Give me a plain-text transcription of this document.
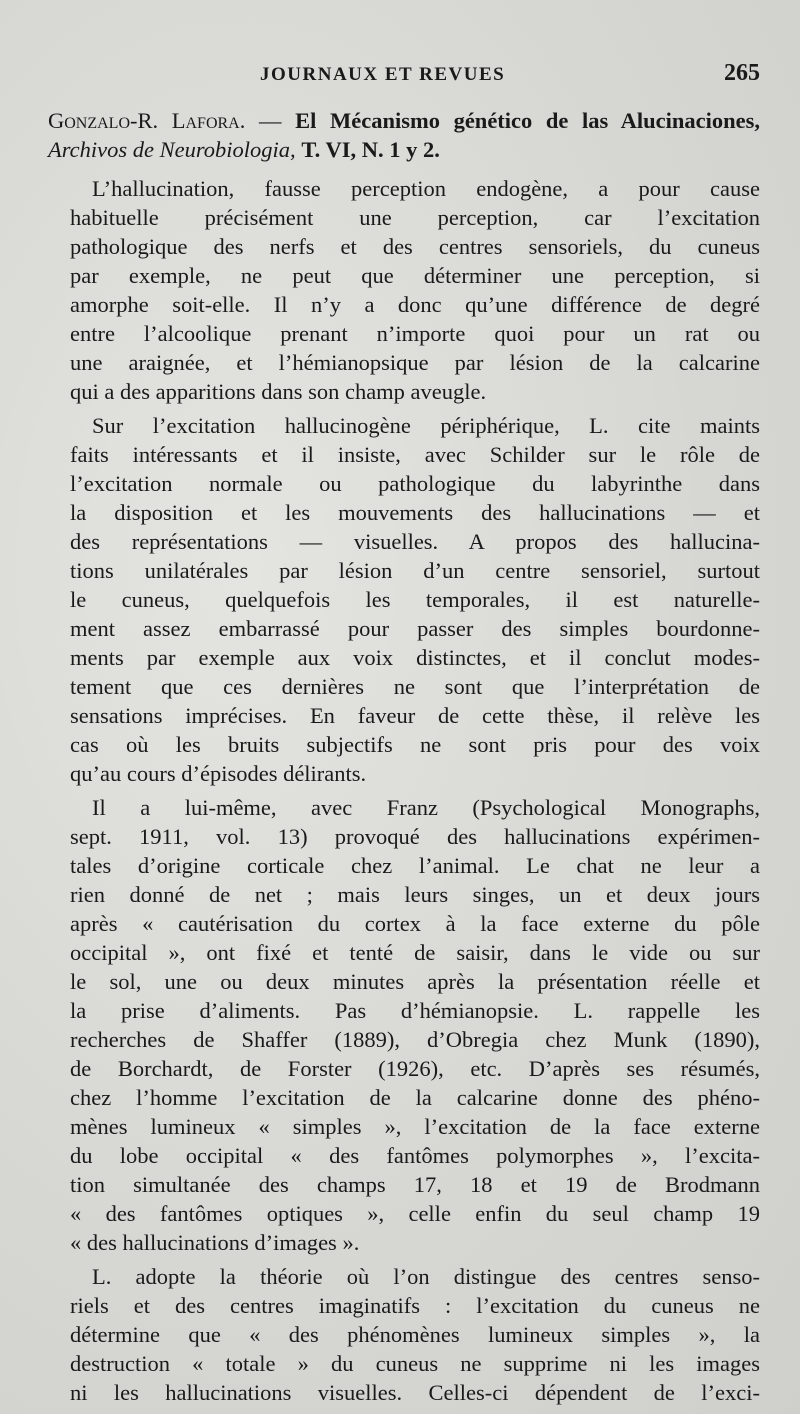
JOURNAUX ET REVUES	265
Gonzalo-R. Lafora. — El Mécanismo génético de las Alucinaciones, Archivos de Neurobiologia, T. VI, N. 1 y 2.
L’hallucination, fausse perception endogène, a pour cause
habituelle précisément une perception, car l’excitation
pathologique des nerfs et des centres sensoriels, du cuneus
par exemple, ne peut que déterminer une perception, si
amorphe soit-elle. Il n’y a donc qu’une différence de degré
entre l’alcoolique prenant n’importe quoi pour un rat ou
une araignée, et l’hémianopsique par lésion de la calcarine
qui a des apparitions dans son champ aveugle.
Sur l’excitation hallucinogène périphérique, L. cite maints
faits intéressants et il insiste, avec Schilder sur le rôle de
l’excitation normale ou pathologique du labyrinthe dans
la disposition et les mouvements des hallucinations — et
des représentations — visuelles. A propos des hallucina-
tions unilatérales par lésion d’un centre sensoriel, surtout
le cuneus, quelquefois les temporales, il est naturelle-
ment assez embarrassé pour passer des simples bourdonne-
ments par exemple aux voix distinctes, et il conclut modes-
tement que ces dernières ne sont que l’interprétation de
sensations imprécises. En faveur de cette thèse, il relève les
cas où les bruits subjectifs ne sont pris pour des voix
qu’au cours d’épisodes délirants.
Il a lui-même, avec Franz (Psychological Monographs,
sept. 1911, vol. 13) provoqué des hallucinations expérimen-
tales d’origine corticale chez l’animal. Le chat ne leur a
rien donné de net ; mais leurs singes, un et deux jours
après « cautérisation du cortex à la face externe du pôle
occipital », ont fixé et tenté de saisir, dans le vide ou sur
le sol, une ou deux minutes après la présentation réelle et
la prise d’aliments. Pas d’hémianopsie. L. rappelle les
recherches de Shaffer (1889), d’Obregia chez Munk (1890),
de Borchardt, de Forster (1926), etc. D’après ses résumés,
chez l’homme l’excitation de la calcarine donne des phéno-
mènes lumineux « simples », l’excitation de la face externe
du lobe occipital « des fantômes polymorphes », l’excita-
tion simultanée des champs 17, 18 et 19 de Brodmann
« des fantômes optiques », celle enfin du seul champ 19
« des hallucinations d’images ».
L. adopte la théorie où l’on distingue des centres senso-
riels et des centres imaginatifs : l’excitation du cuneus ne
détermine que « des phénomènes lumineux simples », la
destruction « totale » du cuneus ne supprime ni les images
ni les hallucinations visuelles. Celles-ci dépendent de l’exci-
